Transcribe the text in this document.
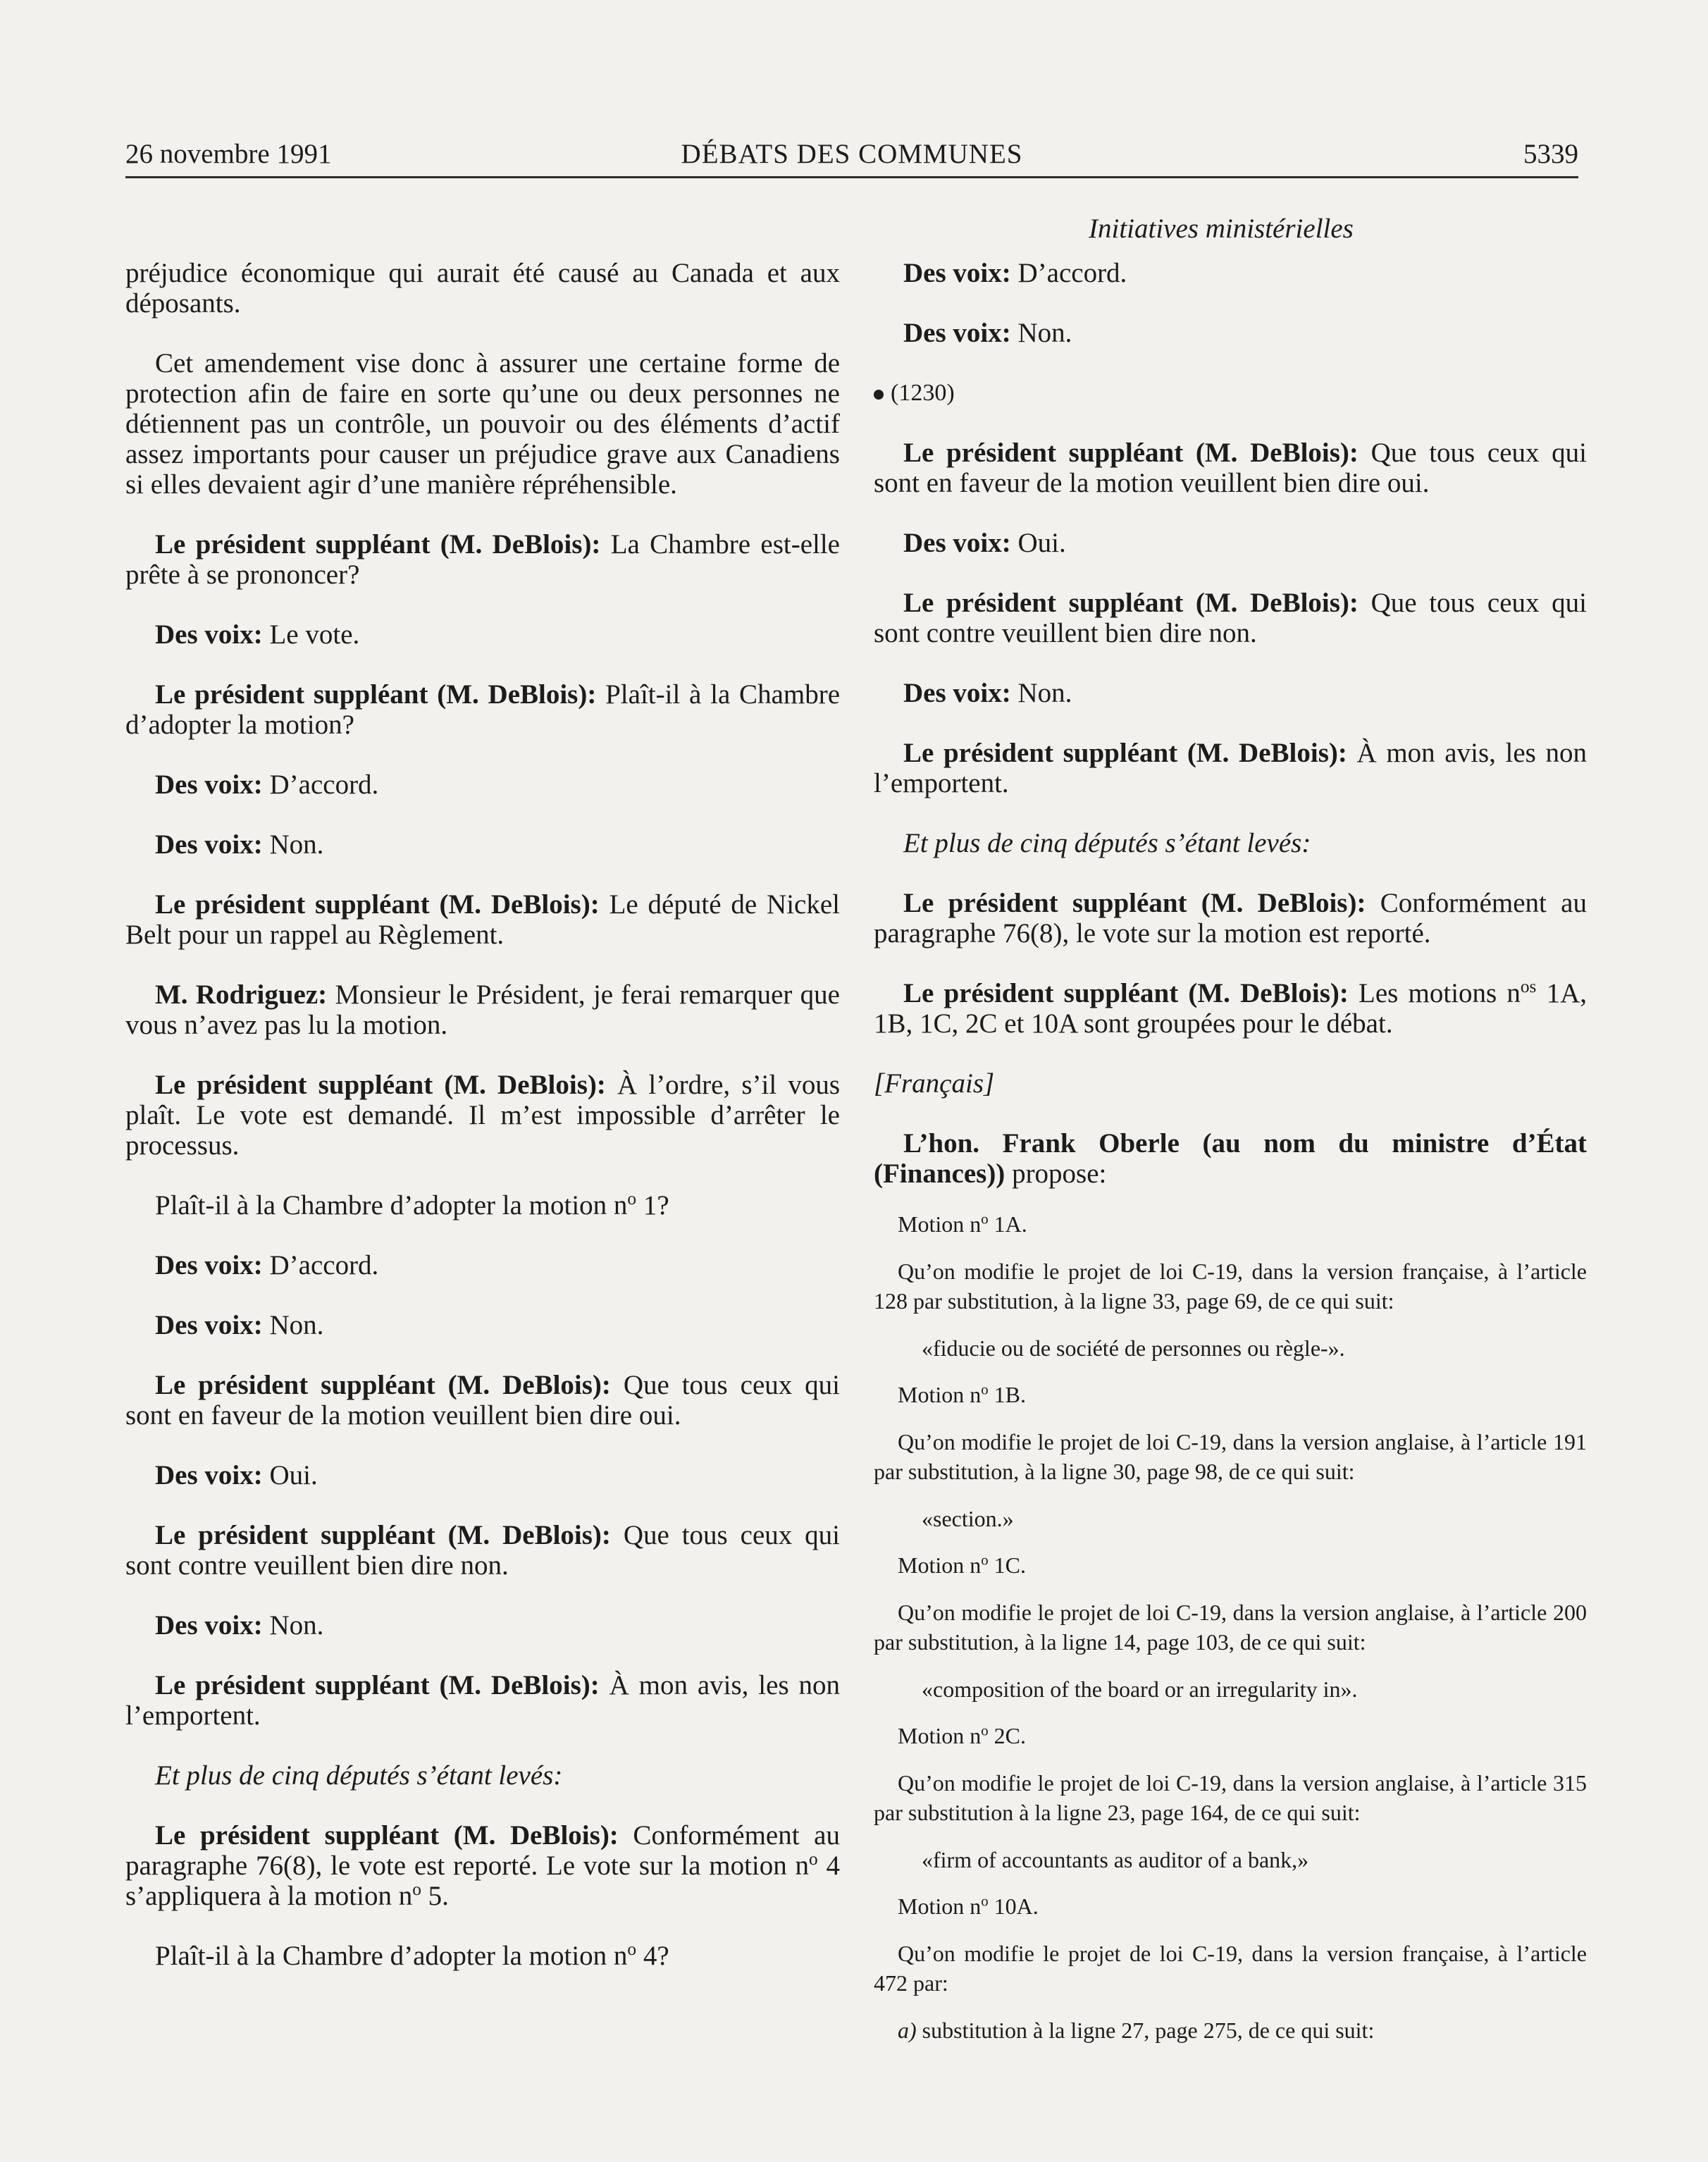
26 novembre 1991	DÉBATS DES COMMUNES	5339
Initiatives ministérielles

préjudice économique qui aurait été causé au Canada et aux déposants.

Cet amendement vise donc à assurer une certaine forme de protection afin de faire en sorte qu’une ou deux personnes ne détiennent pas un contrôle, un pouvoir ou des éléments d’actif assez importants pour causer un préjudice grave aux Canadiens si elles devaient agir d’une manière répréhensible.

Le président suppléant (M. DeBlois): La Chambre est-elle prête à se prononcer?

Des voix: Le vote.

Le président suppléant (M. DeBlois): Plaît-il à la Chambre d’adopter la motion?

Des voix: D’accord.

Des voix: Non.

Le président suppléant (M. DeBlois): Le député de Nickel Belt pour un rappel au Règlement.

M. Rodriguez: Monsieur le Président, je ferai remarquer que vous n’avez pas lu la motion.

Le président suppléant (M. DeBlois): À l’ordre, s’il vous plaît. Le vote est demandé. Il m’est impossible d’arrêter le processus.

Plaît-il à la Chambre d’adopter la motion $n^o$ 1?

Des voix: D’accord.

Des voix: Non.

Le président suppléant (M. DeBlois): Que tous ceux qui sont en faveur de la motion veuillent bien dire oui.

Des voix: Oui.

Le président suppléant (M. DeBlois): Que tous ceux qui sont contre veuillent bien dire non.

Des voix: Non.

Le président suppléant (M. DeBlois): À mon avis, les non l’emportent.

Et plus de cinq députés s’étant levés:

Le président suppléant (M. DeBlois): Conformément au paragraphe 76(8), le vote est reporté. Le vote sur la motion $n^o$ 4 s’appliquera à la motion $n^o$ 5.

Plaît-il à la Chambre d’adopter la motion $n^o$ 4?

Des voix: D’accord.

Des voix: Non.

(1230)

Le président suppléant (M. DeBlois): Que tous ceux qui sont en faveur de la motion veuillent bien dire oui.

Des voix: Oui.

Le président suppléant (M. DeBlois): Que tous ceux qui sont contre veuillent bien dire non.

Des voix: Non.

Le président suppléant (M. DeBlois): À mon avis, les non l’emportent.

Et plus de cinq députés s’étant levés:

Le président suppléant (M. DeBlois): Conformément au paragraphe 76(8), le vote sur la motion est reporté.

Le président suppléant (M. DeBlois): Les motions $n^{os}$ 1A, 1B, 1C, 2C et 10A sont groupées pour le débat.

[Français]

L’hon. Frank Oberle (au nom du ministre d’État (Finances)) propose:

Motion $n^o$ 1A.

Qu’on modifie le projet de loi C-19, dans la version française, à l’article 128 par substitution, à la ligne 33, page 69, de ce qui suit:

«fiducie ou de société de personnes ou règle-».

Motion $n^o$ 1B.

Qu’on modifie le projet de loi C-19, dans la version anglaise, à l’article 191 par substitution, à la ligne 30, page 98, de ce qui suit:

«section.»

Motion $n^o$ 1C.

Qu’on modifie le projet de loi C-19, dans la version anglaise, à l’article 200 par substitution, à la ligne 14, page 103, de ce qui suit:

«composition of the board or an irregularity in».

Motion $n^o$ 2C.

Qu’on modifie le projet de loi C-19, dans la version anglaise, à l’article 315 par substitution à la ligne 23, page 164, de ce qui suit:

«firm of accountants as auditor of a bank,»

Motion $n^o$ 10A.

Qu’on modifie le projet de loi C-19, dans la version française, à l’article 472 par:

a) substitution à la ligne 27, page 275, de ce qui suit:
